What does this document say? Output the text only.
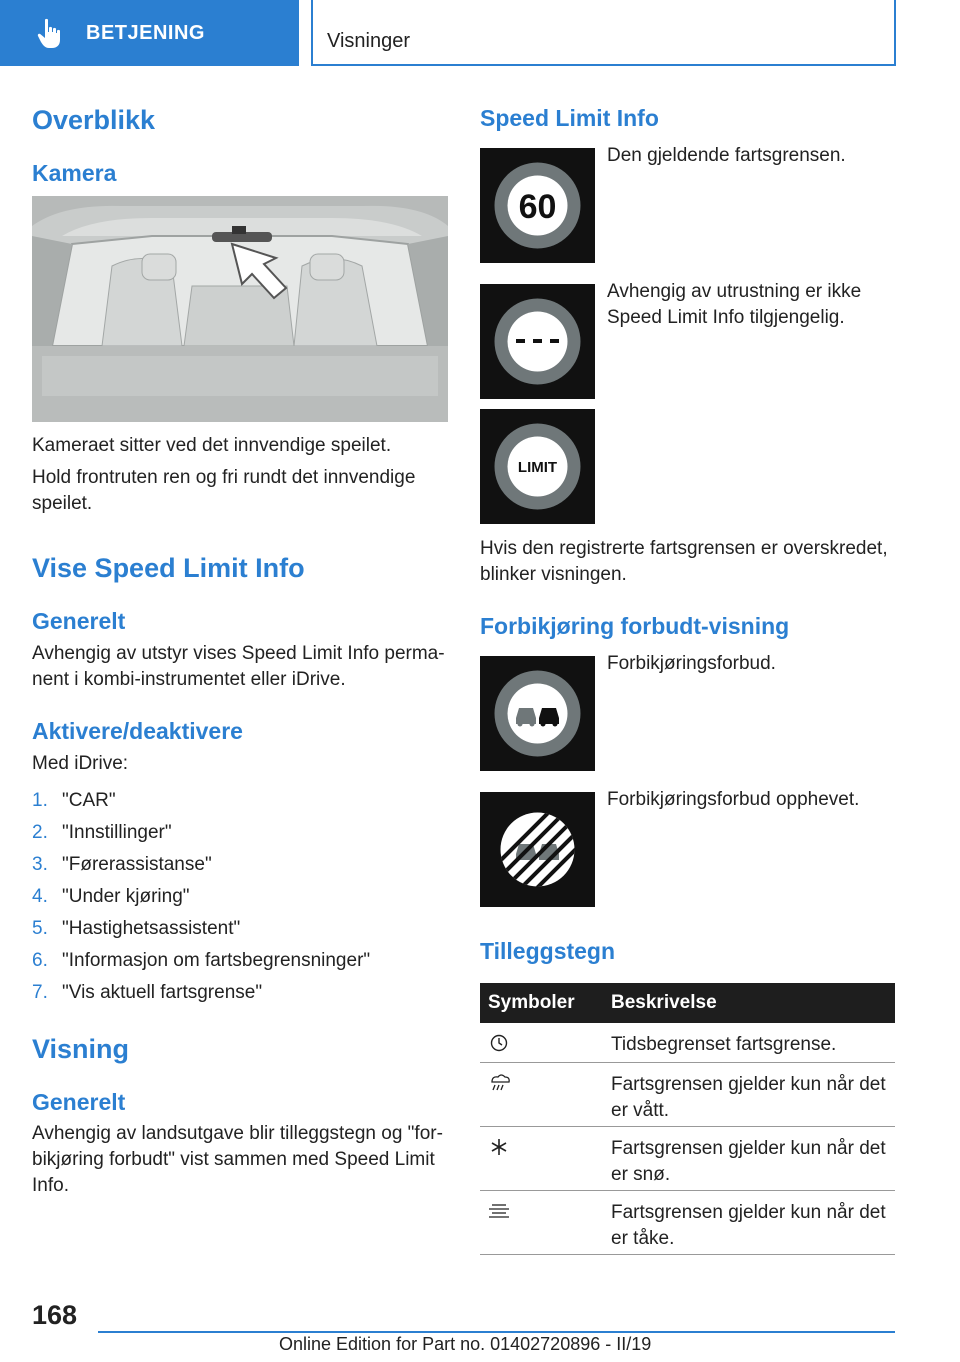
BETJENING	Visninger
Overblikk
Kamera
Kameraet sitter ved det innvendige speilet.
Hold frontruten ren og fri rundt det innvendige speilet.
Vise Speed Limit Info
Generelt
Avhengig av utstyr vises Speed Limit Info perma‐nent i kombi-instrumentet eller iDrive.
Aktivere/deaktivere
Med iDrive:
1. "CAR"
2. "Innstillinger"
3. "Førerassistanse"
4. "Under kjøring"
5. "Hastighetsassistent"
6. "Informasjon om fartsbegrensninger"
7. "Vis aktuell fartsgrense"
Visning
Generelt
Avhengig av landsutgave blir tilleggstegn og "for‐bikjøring forbudt" vist sammen med Speed Limit Info.
Speed Limit Info
60
Den gjeldende fartsgrensen.
Avhengig av utrustning er ikke Speed Limit Info tilgjengelig.
LIMIT
Hvis den registrerte fartsgrensen er overskredet, blinker visningen.
Forbikjøring forbudt-visning
Forbikjøringsforbud.
Forbikjøringsforbud opphevet.
Tilleggstegn
Symboler Beskrivelse
Tidsbegrenset fartsgrense.
Fartsgrensen gjelder kun når det er vått.
Fartsgrensen gjelder kun når det er snø.
Fartsgrensen gjelder kun når det er tåke.
168
Online Edition for Part no. 01402720896 - II/19
